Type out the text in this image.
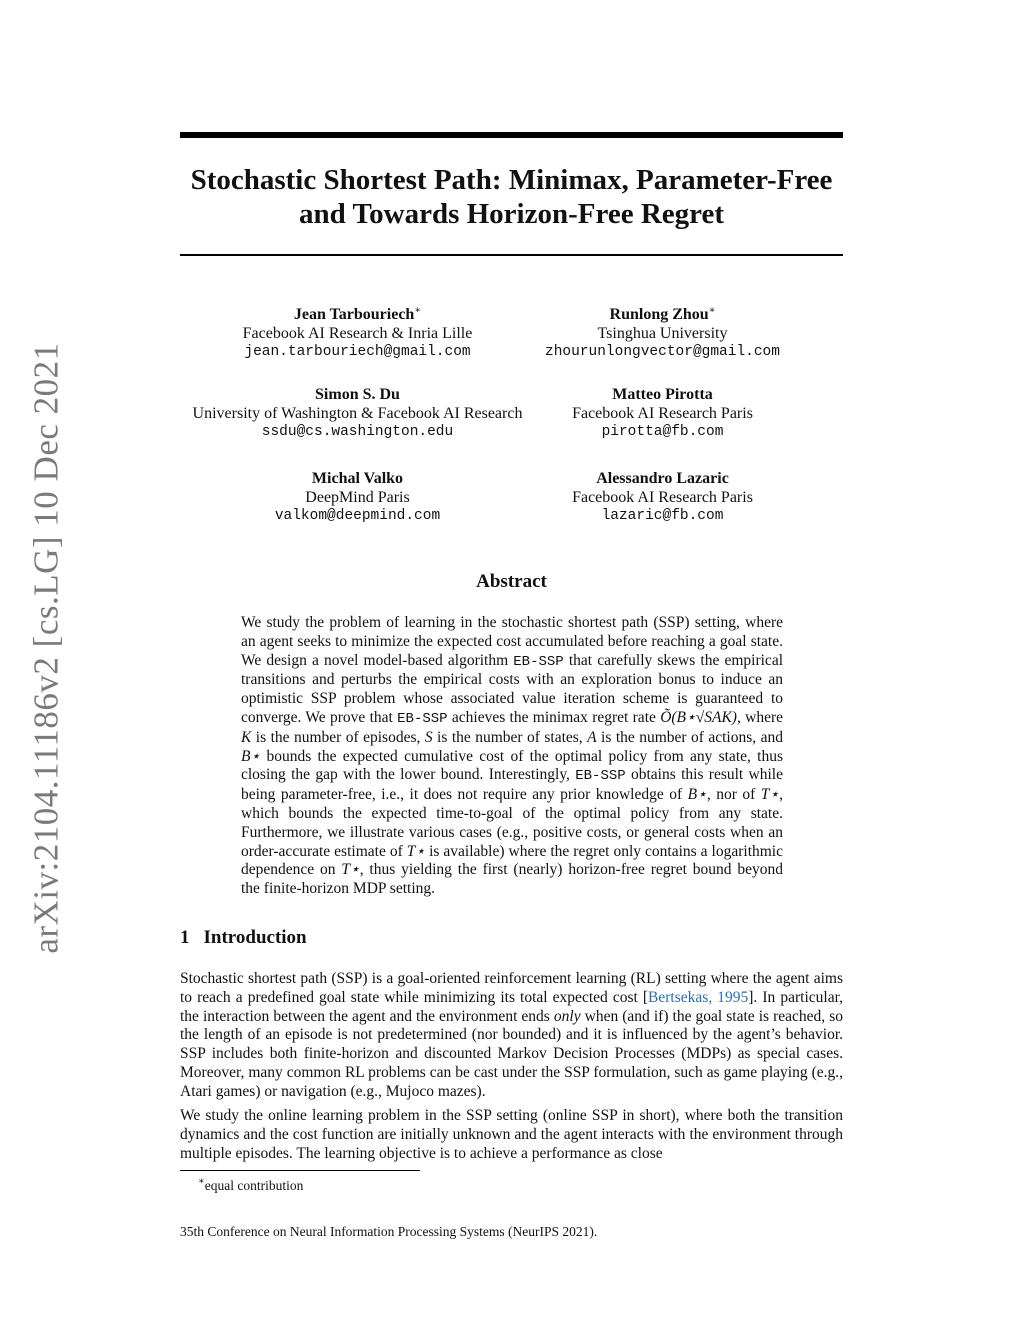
arXiv:2104.11186v2 [cs.LG] 10 Dec 2021
Stochastic Shortest Path: Minimax, Parameter-Free and Towards Horizon-Free Regret
Jean Tarbouriech∗
Facebook AI Research & Inria Lille
jean.tarbouriech@gmail.com
Runlong Zhou∗
Tsinghua University
zhourunlongvector@gmail.com
Simon S. Du
University of Washington & Facebook AI Research
ssdu@cs.washington.edu
Matteo Pirotta
Facebook AI Research Paris
pirotta@fb.com
Michal Valko
DeepMind Paris
valkom@deepmind.com
Alessandro Lazaric
Facebook AI Research Paris
lazaric@fb.com
Abstract

We study the problem of learning in the stochastic shortest path (SSP) setting, where an agent seeks to minimize the expected cost accumulated before reaching a goal state. We design a novel model-based algorithm EB-SSP that carefully skews the empirical transitions and perturbs the empirical costs with an exploration bonus to induce an optimistic SSP problem whose associated value iteration scheme is guaranteed to converge. We prove that EB-SSP achieves the minimax regret rate Õ(B⋆√SAK), where K is the number of episodes, S is the number of states, A is the number of actions, and B⋆ bounds the expected cumulative cost of the optimal policy from any state, thus closing the gap with the lower bound. Interestingly, EB-SSP obtains this result while being parameter-free, i.e., it does not require any prior knowledge of B⋆, nor of T⋆, which bounds the expected time-to-goal of the optimal policy from any state. Furthermore, we illustrate various cases (e.g., positive costs, or general costs when an order-accurate estimate of T⋆ is available) where the regret only contains a logarithmic dependence on T⋆, thus yielding the first (nearly) horizon-free regret bound beyond the finite-horizon MDP setting.

1 Introduction

Stochastic shortest path (SSP) is a goal-oriented reinforcement learning (RL) setting where the agent aims to reach a predefined goal state while minimizing its total expected cost [Bertsekas, 1995]. In particular, the interaction between the agent and the environment ends only when (and if) the goal state is reached, so the length of an episode is not predetermined (nor bounded) and it is influenced by the agent’s behavior. SSP includes both finite-horizon and discounted Markov Decision Processes (MDPs) as special cases. Moreover, many common RL problems can be cast under the SSP formulation, such as game playing (e.g., Atari games) or navigation (e.g., Mujoco mazes).

We study the online learning problem in the SSP setting (online SSP in short), where both the transition dynamics and the cost function are initially unknown and the agent interacts with the environment through multiple episodes. The learning objective is to achieve a performance as close

∗equal contribution

35th Conference on Neural Information Processing Systems (NeurIPS 2021).
